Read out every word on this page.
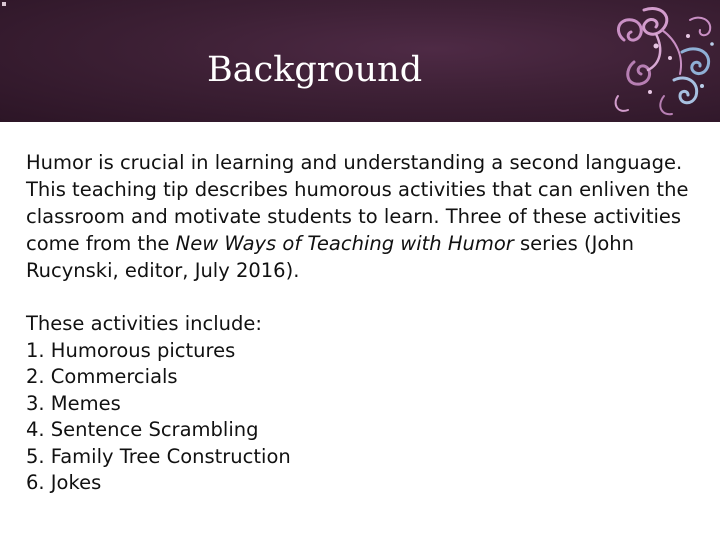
Background

Humor is crucial in learning and understanding a second language. This teaching tip describes humorous activities that can enliven the classroom and motivate students to learn. Three of these activities come from the New Ways of Teaching with Humor series (John Rucynski, editor, July 2016).

These activities include:
1. Humorous pictures
2. Commercials
3. Memes
4. Sentence Scrambling
5. Family Tree Construction
6. Jokes
